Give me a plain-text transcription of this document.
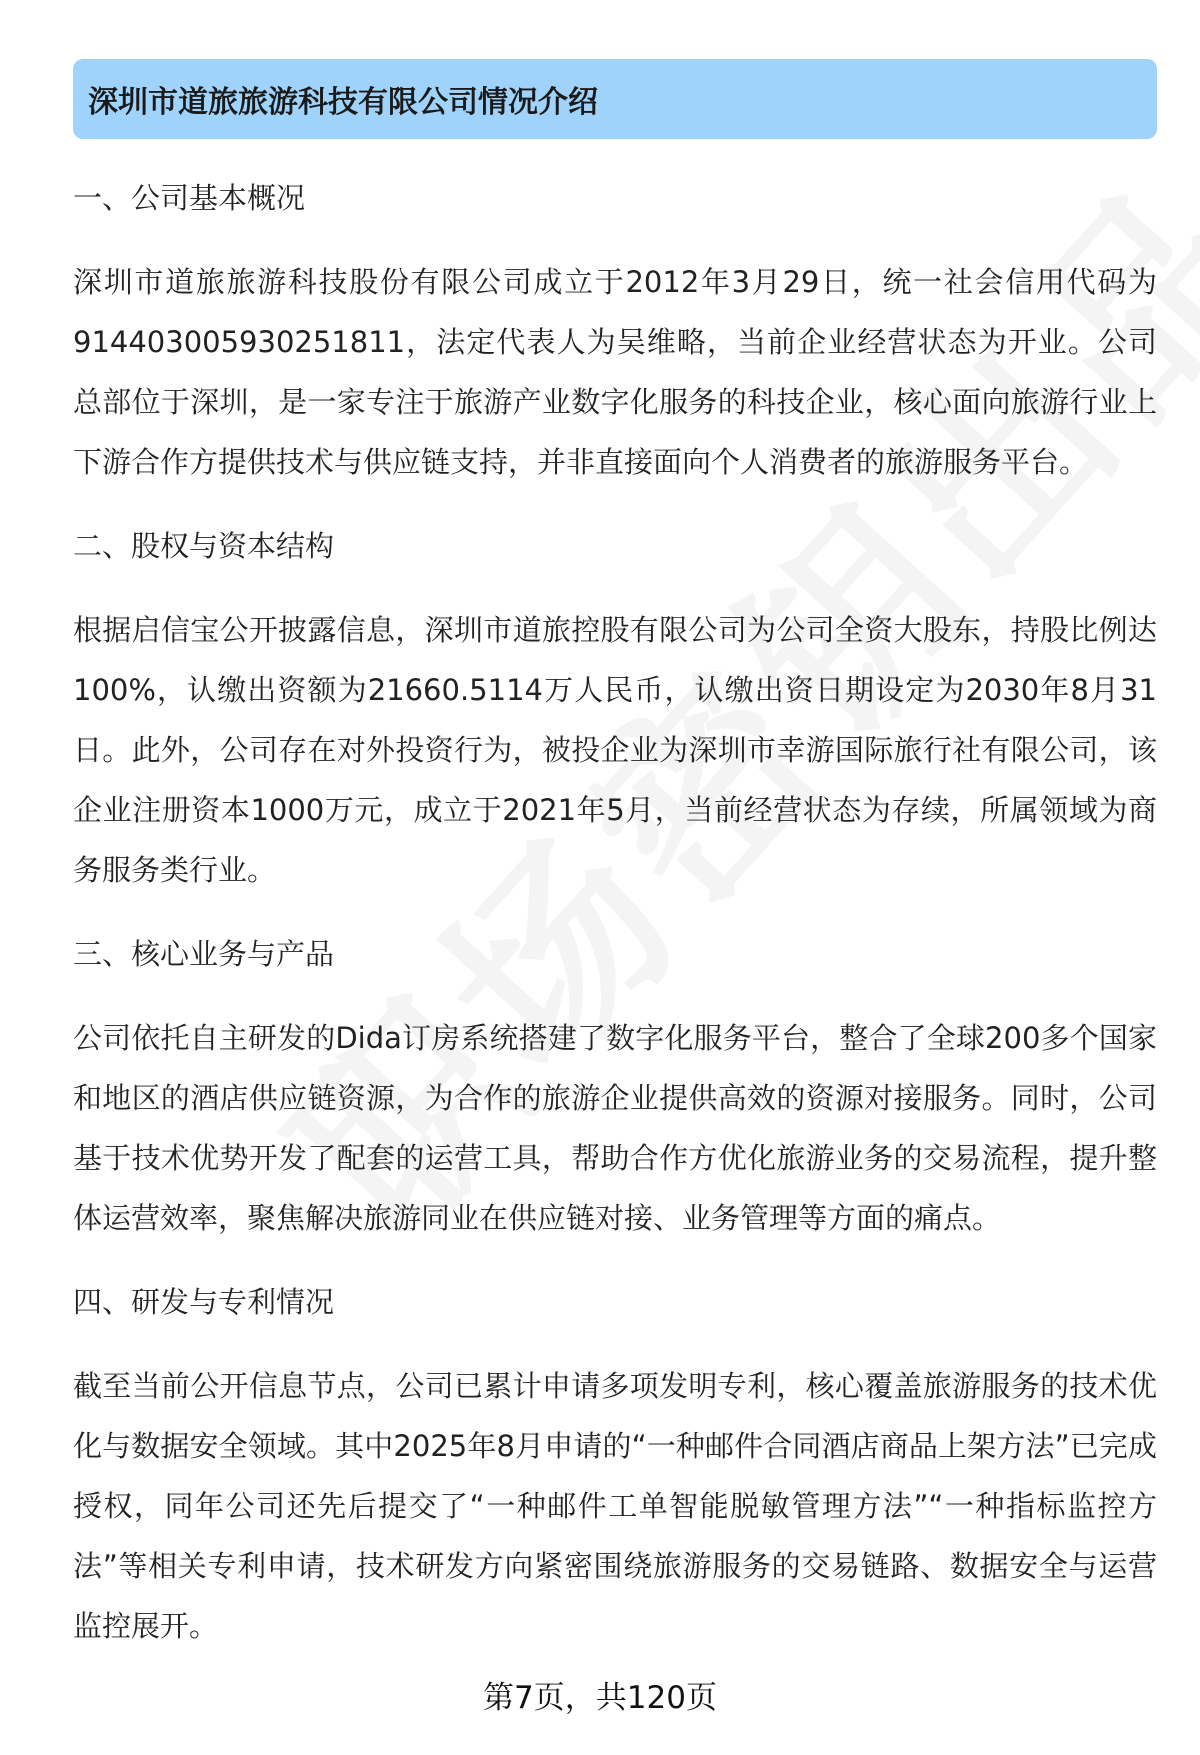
深圳市道旅旅游科技有限公司情况介绍
一、公司基本概况
深圳市道旅旅游科技股份有限公司成立于2012年3月29日，统一社会信用代码为914403005930251811，法定代表人为吴维略，当前企业经营状态为开业。公司总部位于深圳，是一家专注于旅游产业数字化服务的科技企业，核心面向旅游行业上下游合作方提供技术与供应链支持，并非直接面向个人消费者的旅游服务平台。
二、股权与资本结构
根据启信宝公开披露信息，深圳市道旅控股有限公司为公司全资大股东，持股比例达100%，认缴出资额为21660.5114万人民币，认缴出资日期设定为2030年8月31日。此外，公司存在对外投资行为，被投企业为深圳市幸游国际旅行社有限公司，该企业注册资本1000万元，成立于2021年5月，当前经营状态为存续，所属领域为商务服务类行业。
三、核心业务与产品
公司依托自主研发的Dida订房系统搭建了数字化服务平台，整合了全球200多个国家和地区的酒店供应链资源，为合作的旅游企业提供高效的资源对接服务。同时，公司基于技术优势开发了配套的运营工具，帮助合作方优化旅游业务的交易流程，提升整体运营效率，聚焦解决旅游同业在供应链对接、业务管理等方面的痛点。
四、研发与专利情况
截至当前公开信息节点，公司已累计申请多项发明专利，核心覆盖旅游服务的技术优化与数据安全领域。其中2025年8月申请的“一种邮件合同酒店商品上架方法”已完成授权，同年公司还先后提交了“一种邮件工单智能脱敏管理方法”“一种指标监控方法”等相关专利申请，技术研发方向紧密围绕旅游服务的交易链路、数据安全与运营监控展开。
第7页，共120页
